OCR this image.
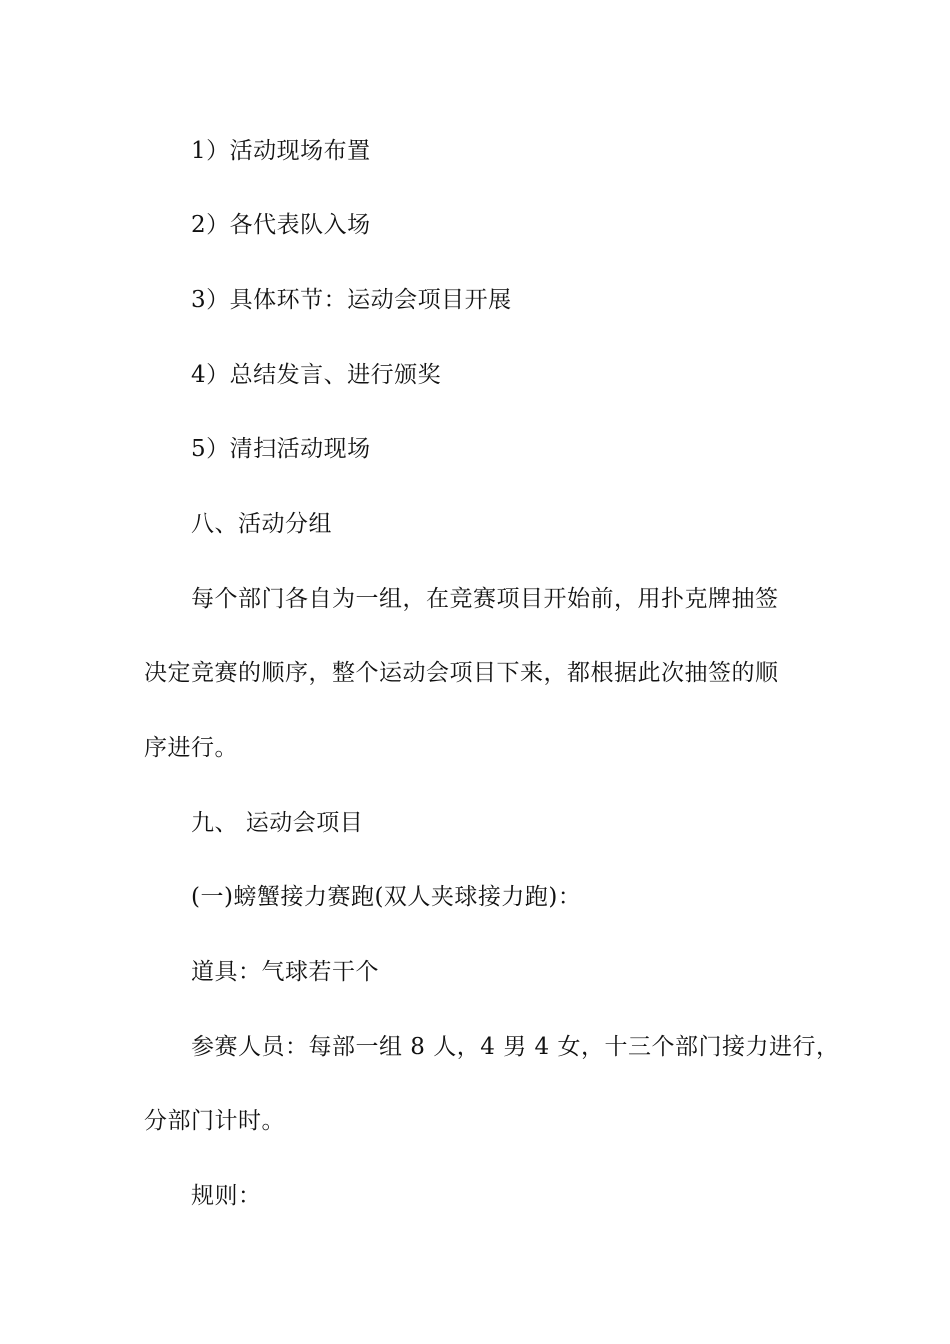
1）活动现场布置
2）各代表队入场
3）具体环节：运动会项目开展
4）总结发言、进行颁奖
5）清扫活动现场
八、活动分组
每个部门各自为一组，在竞赛项目开始前，用扑克牌抽签
决定竞赛的顺序，整个运动会项目下来，都根据此次抽签的顺
序进行。
九、 运动会项目
(一)螃蟹接力赛跑(双人夹球接力跑)：
道具：气球若干个
参赛人员：每部一组 8 人，4 男 4 女，十三个部门接力进行，
分部门计时。
规则：
